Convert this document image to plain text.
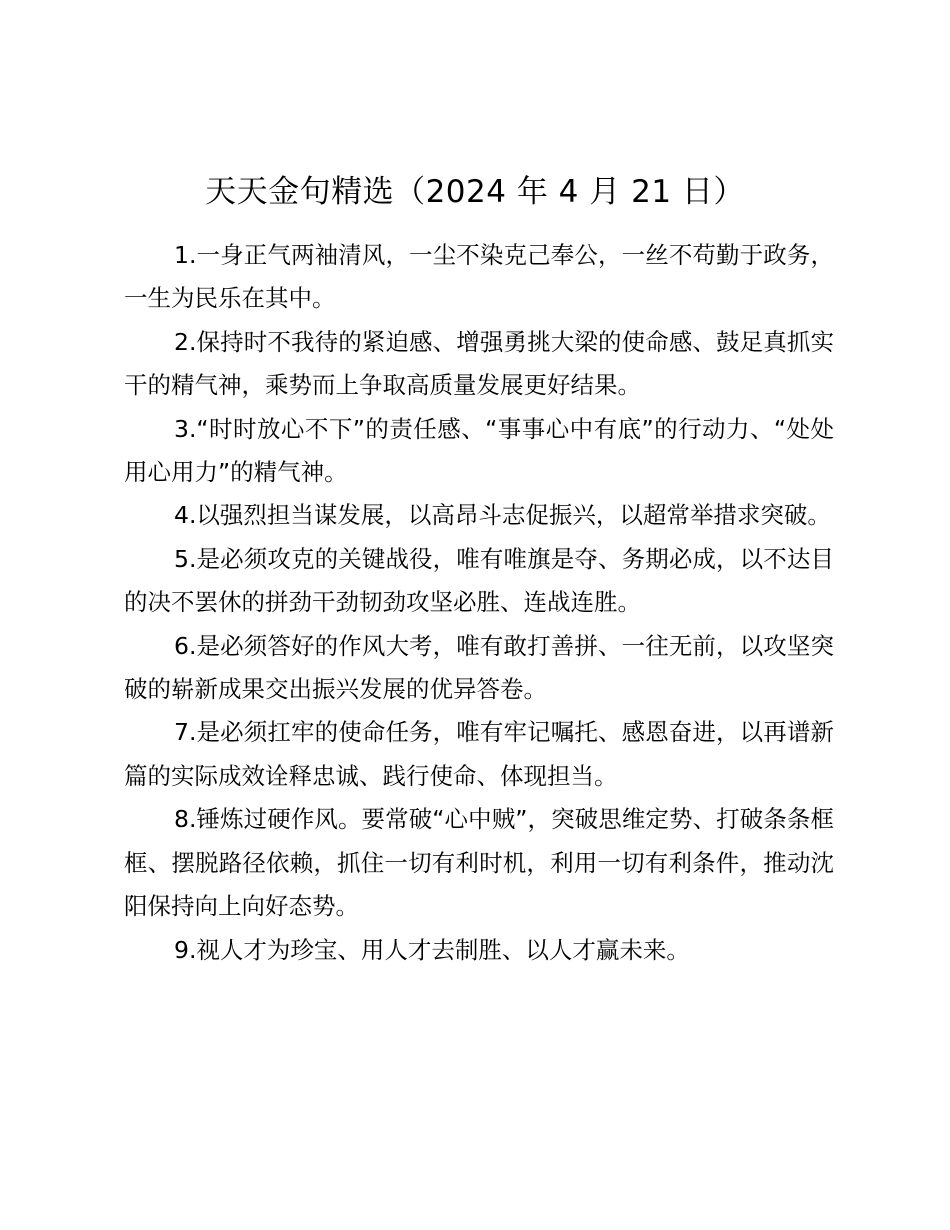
天天金句精选（2024 年 4 月 21 日）

1.一身正气两袖清风，一尘不染克己奉公，一丝不苟勤于政务，一生为民乐在其中。

2.保持时不我待的紧迫感、增强勇挑大梁的使命感、鼓足真抓实干的精气神，乘势而上争取高质量发展更好结果。

3.“时时放心不下”的责任感、“事事心中有底”的行动力、“处处用心用力”的精气神。

4.以强烈担当谋发展，以高昂斗志促振兴，以超常举措求突破。

5.是必须攻克的关键战役，唯有唯旗是夺、务期必成，以不达目的决不罢休的拼劲干劲韧劲攻坚必胜、连战连胜。

6.是必须答好的作风大考，唯有敢打善拼、一往无前，以攻坚突破的崭新成果交出振兴发展的优异答卷。

7.是必须扛牢的使命任务，唯有牢记嘱托、感恩奋进，以再谱新篇的实际成效诠释忠诚、践行使命、体现担当。

8.锤炼过硬作风。要常破“心中贼”，突破思维定势、打破条条框框、摆脱路径依赖，抓住一切有利时机，利用一切有利条件，推动沈阳保持向上向好态势。

9.视人才为珍宝、用人才去制胜、以人才赢未来。
